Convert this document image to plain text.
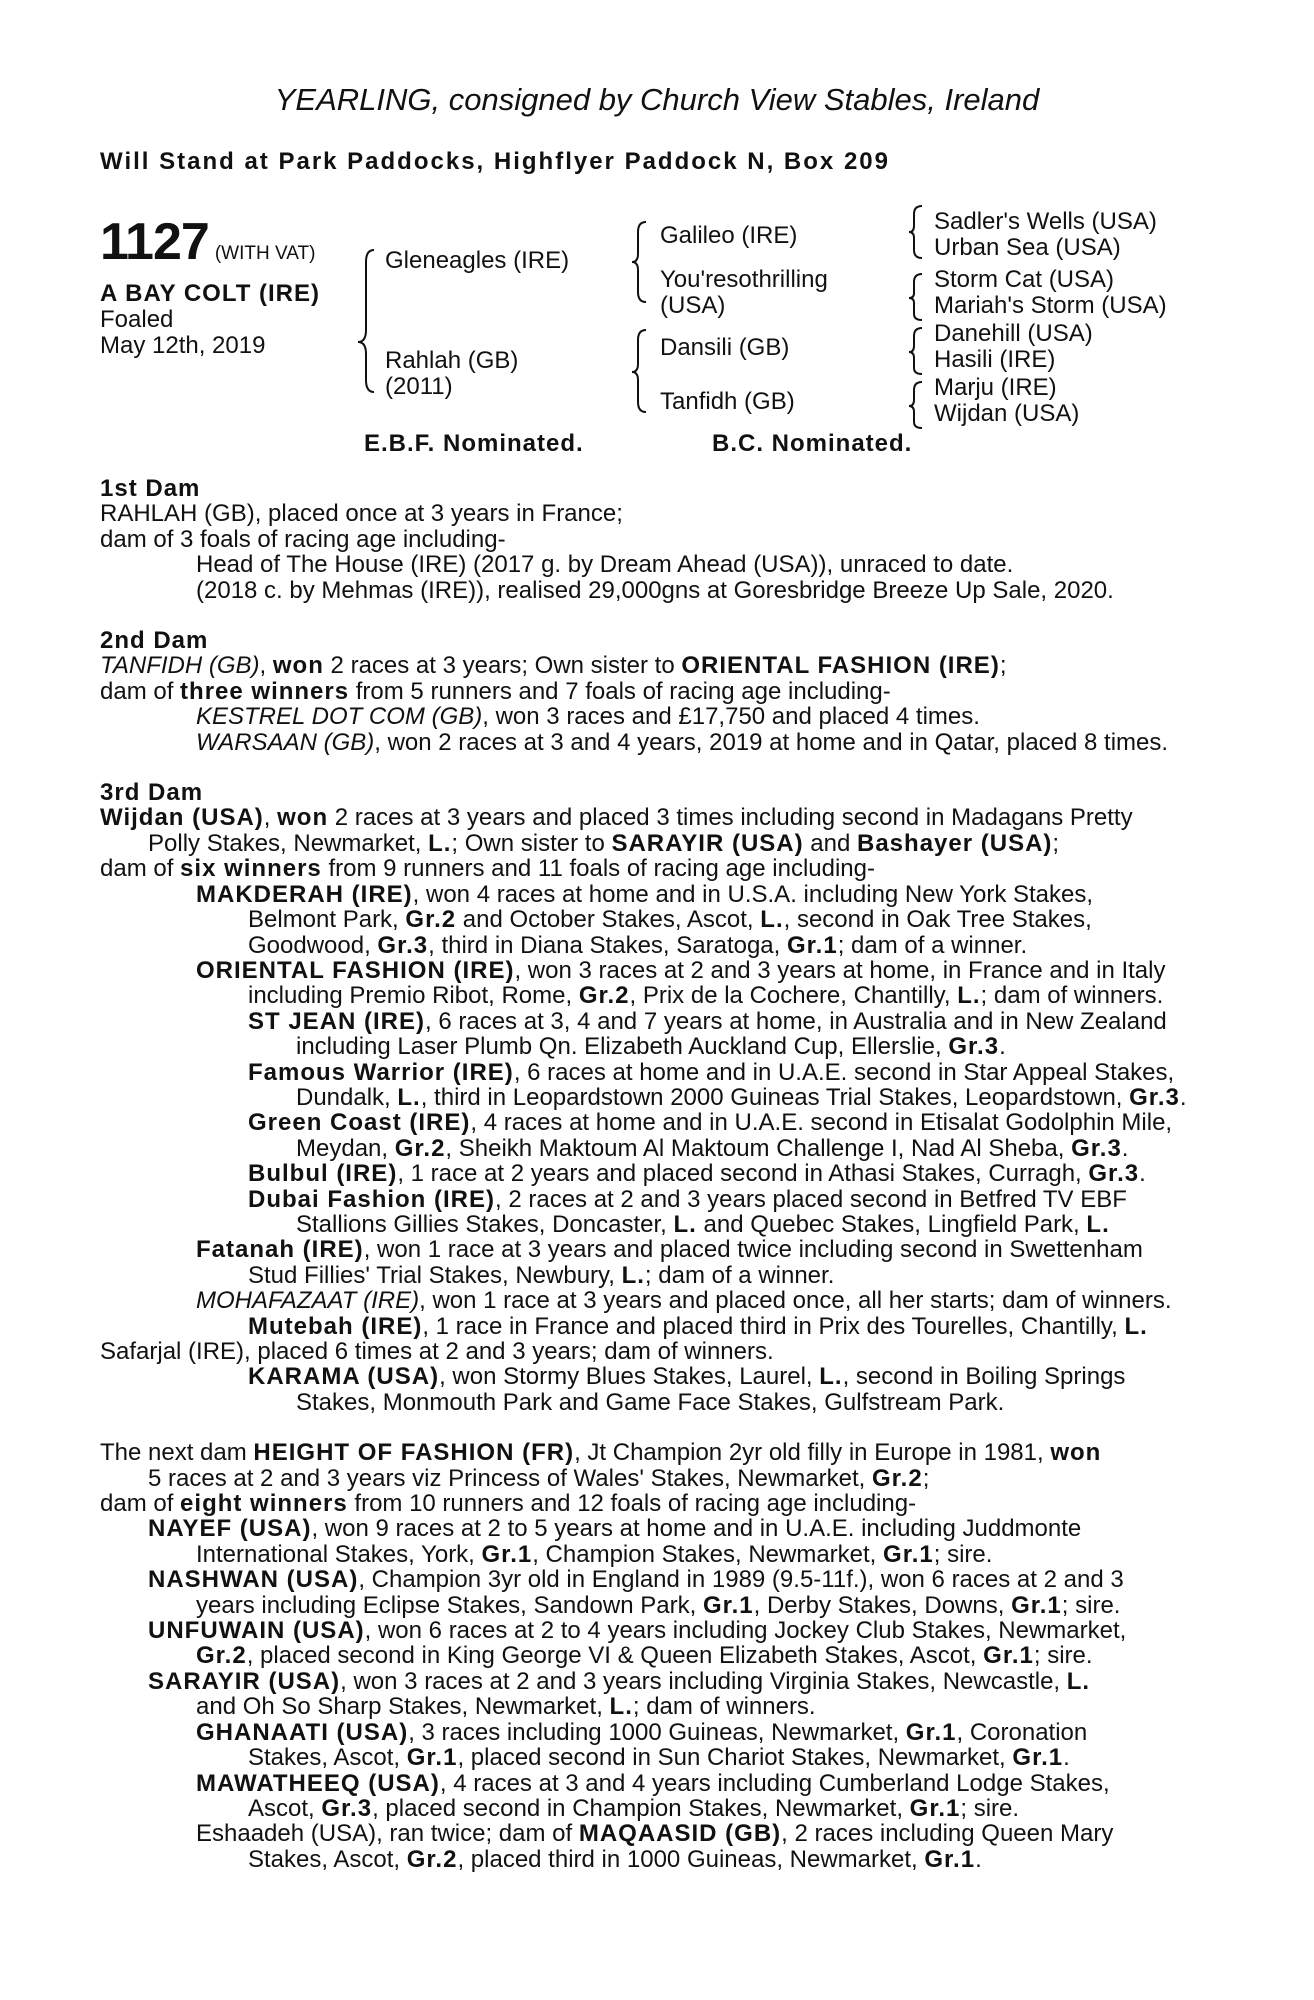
YEARLING, consigned by Church View Stables, Ireland
Will Stand at Park Paddocks, Highflyer Paddock N, Box 209
1127 (WITH VAT)
A BAY COLT (IRE)
Foaled
May 12th, 2019
Gleneagles (IRE)
Rahlah (GB)
(2011)
Galileo (IRE)
You'resothrilling
(USA)
Dansili (GB)
Tanfidh (GB)
Sadler's Wells (USA)
Urban Sea (USA)
Storm Cat (USA)
Mariah's Storm (USA)
Danehill (USA)
Hasili (IRE)
Marju (IRE)
Wijdan (USA)
E.B.F. Nominated.	B.C. Nominated.

1st Dam

RAHLAH (GB), placed once at 3 years in France;

dam of 3 foals of racing age including-

Head of The House (IRE) (2017 g. by Dream Ahead (USA)), unraced to date.

(2018 c. by Mehmas (IRE)), realised 29,000gns at Goresbridge Breeze Up Sale, 2020.

2nd Dam

TANFIDH (GB), won 2 races at 3 years; Own sister to ORIENTAL FASHION (IRE);

dam of three winners from 5 runners and 7 foals of racing age including-

KESTREL DOT COM (GB), won 3 races and £17,750 and placed 4 times.

WARSAAN (GB), won 2 races at 3 and 4 years, 2019 at home and in Qatar, placed 8 times.

3rd Dam

Wijdan (USA), won 2 races at 3 years and placed 3 times including second in Madagans Pretty

Polly Stakes, Newmarket, L.; Own sister to SARAYIR (USA) and Bashayer (USA);

dam of six winners from 9 runners and 11 foals of racing age including-

MAKDERAH (IRE), won 4 races at home and in U.S.A. including New York Stakes,

Belmont Park, Gr.2 and October Stakes, Ascot, L., second in Oak Tree Stakes,

Goodwood, Gr.3, third in Diana Stakes, Saratoga, Gr.1; dam of a winner.

ORIENTAL FASHION (IRE), won 3 races at 2 and 3 years at home, in France and in Italy

including Premio Ribot, Rome, Gr.2, Prix de la Cochere, Chantilly, L.; dam of winners.

ST JEAN (IRE), 6 races at 3, 4 and 7 years at home, in Australia and in New Zealand

including Laser Plumb Qn. Elizabeth Auckland Cup, Ellerslie, Gr.3.

Famous Warrior (IRE), 6 races at home and in U.A.E. second in Star Appeal Stakes,

Dundalk, L., third in Leopardstown 2000 Guineas Trial Stakes, Leopardstown, Gr.3.

Green Coast (IRE), 4 races at home and in U.A.E. second in Etisalat Godolphin Mile,

Meydan, Gr.2, Sheikh Maktoum Al Maktoum Challenge I, Nad Al Sheba, Gr.3.

Bulbul (IRE), 1 race at 2 years and placed second in Athasi Stakes, Curragh, Gr.3.

Dubai Fashion (IRE), 2 races at 2 and 3 years placed second in Betfred TV EBF

Stallions Gillies Stakes, Doncaster, L. and Quebec Stakes, Lingfield Park, L.

Fatanah (IRE), won 1 race at 3 years and placed twice including second in Swettenham

Stud Fillies' Trial Stakes, Newbury, L.; dam of a winner.

MOHAFAZAAT (IRE), won 1 race at 3 years and placed once, all her starts; dam of winners.

Mutebah (IRE), 1 race in France and placed third in Prix des Tourelles, Chantilly, L.

Safarjal (IRE), placed 6 times at 2 and 3 years; dam of winners.

KARAMA (USA), won Stormy Blues Stakes, Laurel, L., second in Boiling Springs

Stakes, Monmouth Park and Game Face Stakes, Gulfstream Park.

The next dam HEIGHT OF FASHION (FR), Jt Champion 2yr old filly in Europe in 1981, won

5 races at 2 and 3 years viz Princess of Wales' Stakes, Newmarket, Gr.2;

dam of eight winners from 10 runners and 12 foals of racing age including-

NAYEF (USA), won 9 races at 2 to 5 years at home and in U.A.E. including Juddmonte

International Stakes, York, Gr.1, Champion Stakes, Newmarket, Gr.1; sire.

NASHWAN (USA), Champion 3yr old in England in 1989 (9.5-11f.), won 6 races at 2 and 3

years including Eclipse Stakes, Sandown Park, Gr.1, Derby Stakes, Downs, Gr.1; sire.

UNFUWAIN (USA), won 6 races at 2 to 4 years including Jockey Club Stakes, Newmarket,

Gr.2, placed second in King George VI & Queen Elizabeth Stakes, Ascot, Gr.1; sire.

SARAYIR (USA), won 3 races at 2 and 3 years including Virginia Stakes, Newcastle, L.

and Oh So Sharp Stakes, Newmarket, L.; dam of winners.

GHANAATI (USA), 3 races including 1000 Guineas, Newmarket, Gr.1, Coronation

Stakes, Ascot, Gr.1, placed second in Sun Chariot Stakes, Newmarket, Gr.1.

MAWATHEEQ (USA), 4 races at 3 and 4 years including Cumberland Lodge Stakes,

Ascot, Gr.3, placed second in Champion Stakes, Newmarket, Gr.1; sire.

Eshaadeh (USA), ran twice; dam of MAQAASID (GB), 2 races including Queen Mary

Stakes, Ascot, Gr.2, placed third in 1000 Guineas, Newmarket, Gr.1.
